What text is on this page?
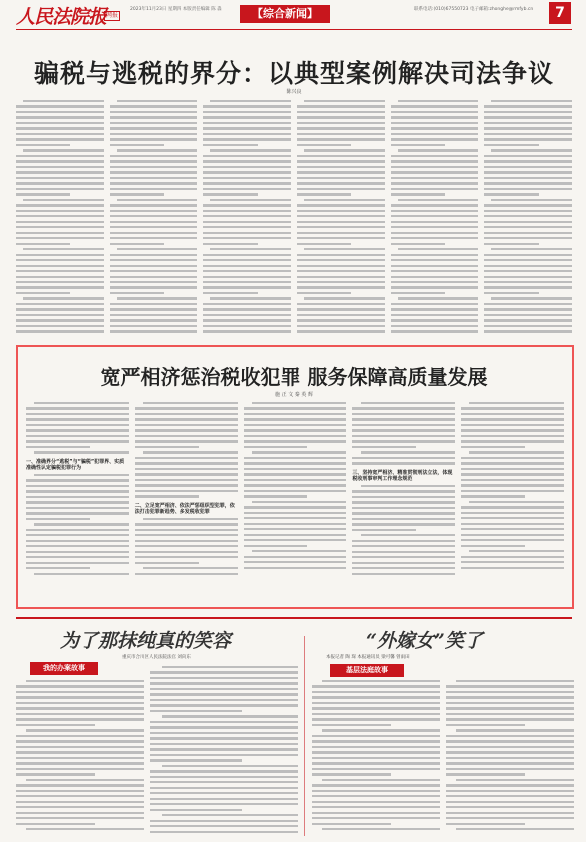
人民法院报 网报
2023年11月23日 星期四 本版责任编辑 陈 淼	【综合新闻】	联系电话:(010)67550723 电子邮箱:zhonghe@rmfyb.cn	7
骗税与逃税的界分：以典型案例解决司法争议

陈兴良

宽严相济惩治税收犯罪 服务保障高质量发展

施 正 文 秦 英 辉

一、准确界分“逃税”与“骗税”犯罪界、实质准确性认定骗税犯罪行为
二、立足宽严相济、依法严惩组织型犯罪，依法打击犯罪新趋势、多发税收犯罪
三、坚持宽严相济、精准贯彻刑法立法，体现税收刑事审判工作理念规范
为了那抹纯真的笑容
重庆市合川区人民法院法官 刘向东
“外嫁女”笑了
本报记者 陶 琛 本报通讯员 梁可馨 曾雨田
我的办案故事	基层法庭故事
